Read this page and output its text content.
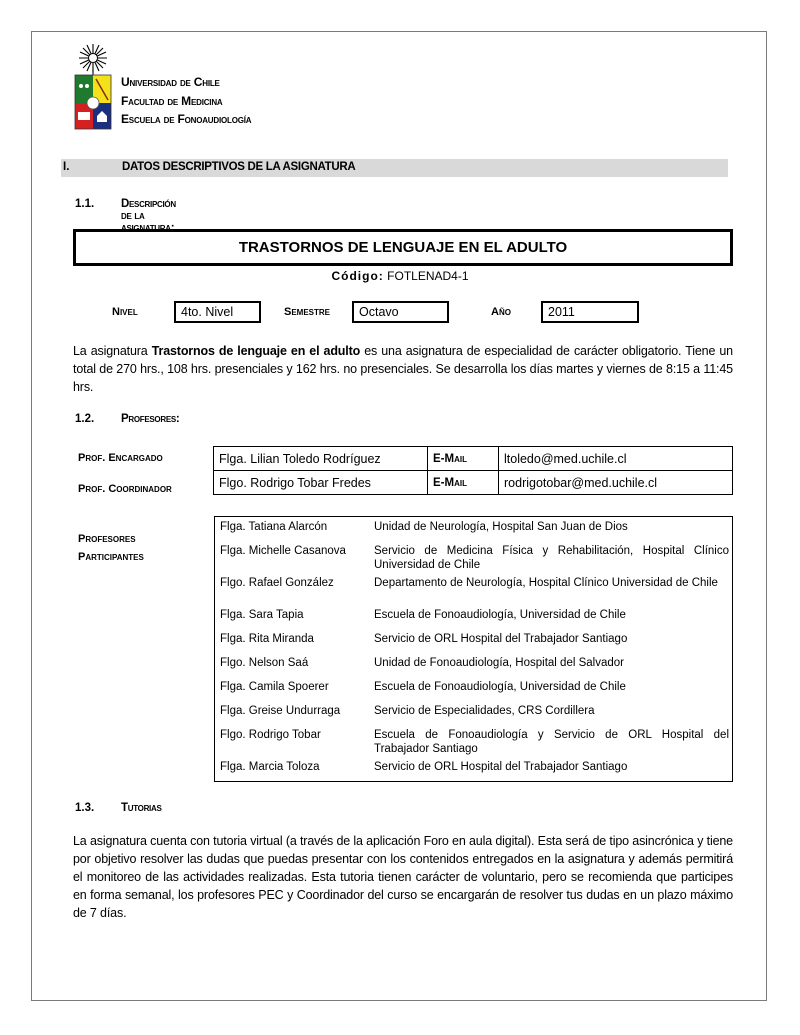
Universidad de Chile
Facultad de Medicina
Escuela de Fonoaudiología
I.	DATOS DESCRIPTIVOS DE LA ASIGNATURA
1.1. Descripción de la asignatura:
TRASTORNOS DE LENGUAJE EN EL ADULTO
Código: FOTLENAD4-1
Nivel	4to. Nivel	Semestre	Octavo	Año	2011
La asignatura Trastornos de lenguaje en el adulto es una asignatura de especialidad de carácter obligatorio. Tiene un total de 270 hrs., 108 hrs. presenciales y 162 hrs. no presenciales. Se desarrolla los días martes y viernes de 8:15 a 11:45 hrs.
1.2. Profesores:
Prof. Encargado
Prof. Coordinador
Flga. Lilian Toledo Rodríguez	E-Mail	ltoledo@med.uchile.cl
Flgo. Rodrigo Tobar Fredes	E-Mail	rodrigotobar@med.uchile.cl
Profesores
Participantes
Flga. Tatiana Alarcón	Unidad de Neurología, Hospital San Juan de Dios
Flga. Michelle Casanova	Servicio de Medicina Física y Rehabilitación, Hospital Clínico Universidad de Chile
Flgo. Rafael González	Departamento de Neurología, Hospital Clínico Universidad de Chile
Flga. Sara Tapia	Escuela de Fonoaudiología, Universidad de Chile
Flga. Rita Miranda	Servicio de ORL Hospital del Trabajador Santiago
Flgo. Nelson Saá	Unidad de Fonoaudiología, Hospital del Salvador
Flga. Camila Spoerer	Escuela de Fonoaudiología, Universidad de Chile
Flga. Greise Undurraga	Servicio de Especialidades, CRS Cordillera
Flgo. Rodrigo Tobar	Escuela de Fonoaudiología y Servicio de ORL Hospital del Trabajador Santiago
Flga. Marcia Toloza	Servicio de ORL Hospital del Trabajador Santiago
1.3. Tutorias
La asignatura cuenta con tutoria virtual (a través de la aplicación Foro en aula digital). Esta será de tipo asincrónica y tiene por objetivo resolver las dudas que puedas presentar con los contenidos entregados en la asignatura y además permitirá el monitoreo de las actividades realizadas. Esta tutoria tienen carácter de voluntario, pero se recomienda que participes en forma semanal, los profesores PEC y Coordinador del curso se encargarán de resolver tus dudas en un plazo máximo de 7 días.
